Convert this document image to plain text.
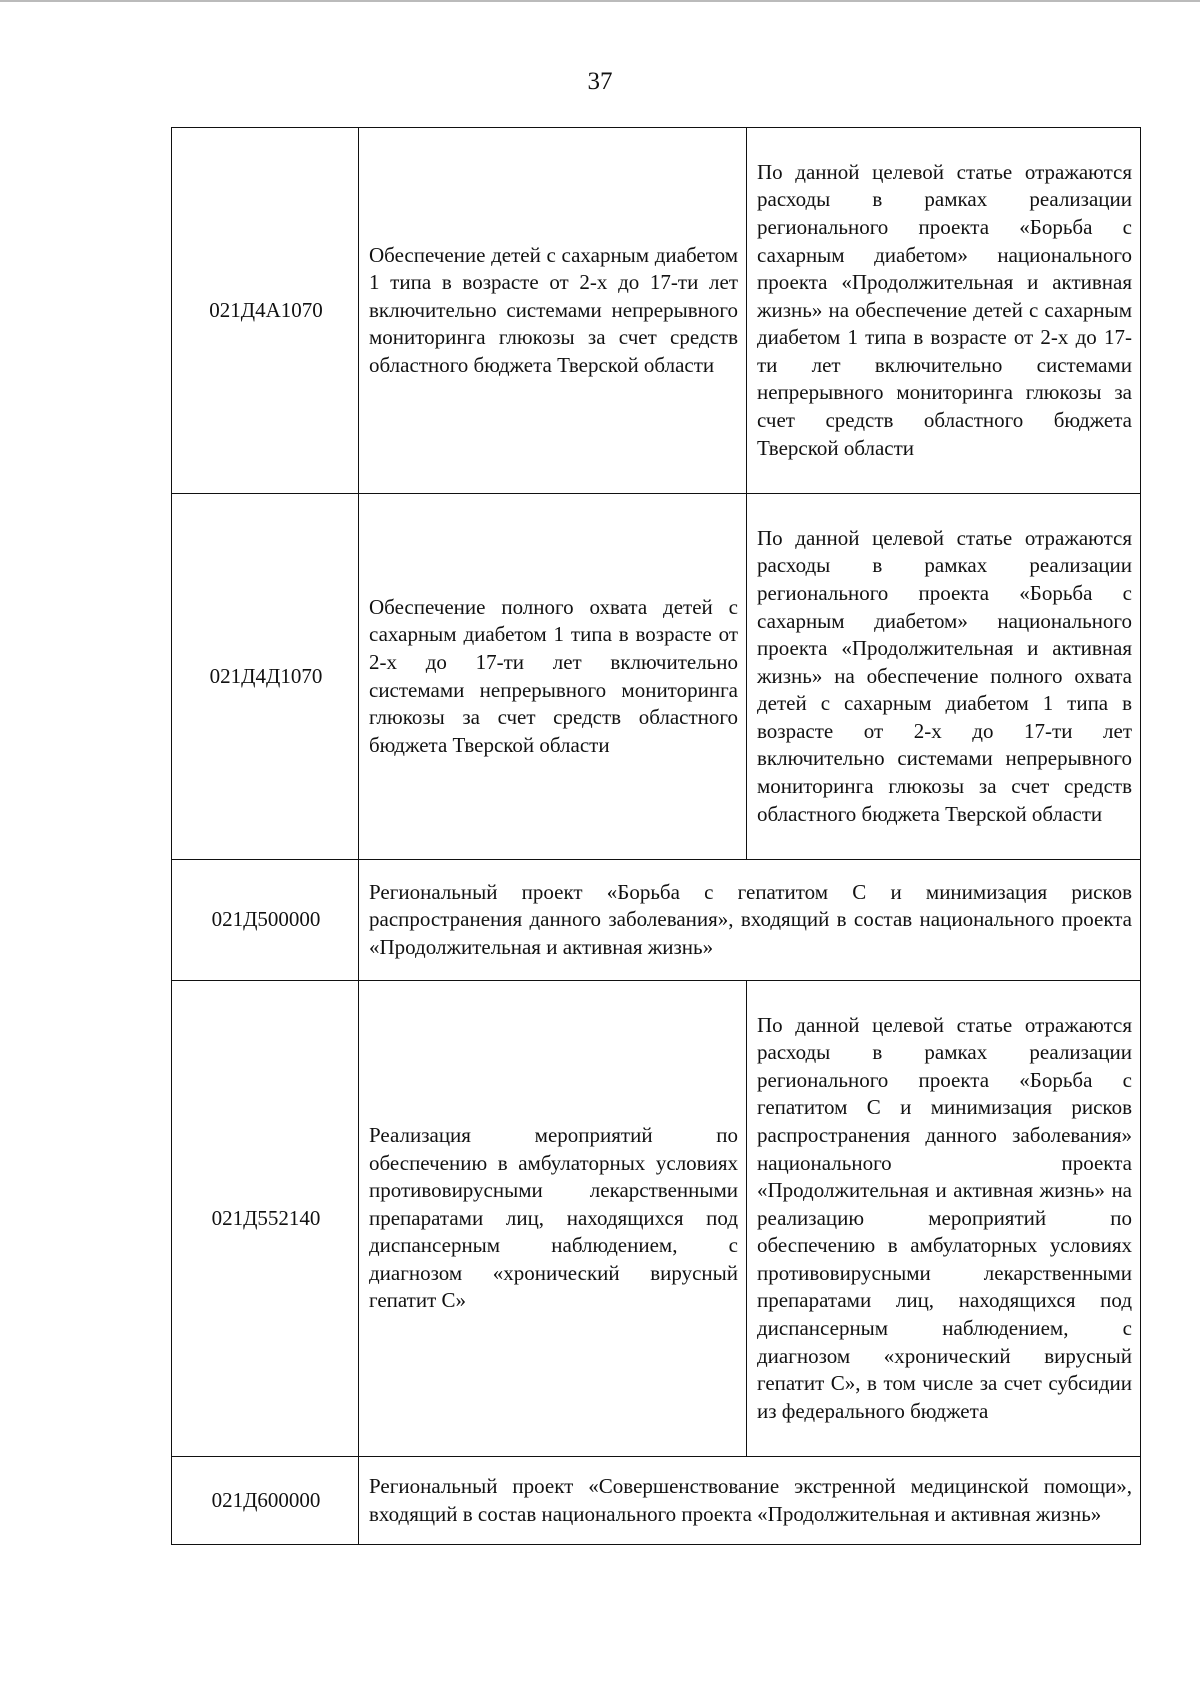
37
021Д4А1070	Обеспечение детей с сахарным диабетом 1 типа в возрасте от 2-х до 17-ти лет включительно системами непрерывного мониторинга глюкозы за счет средств областного бюджета Тверской области	По данной целевой статье отражаются расходы в рамках реализации регионального проекта «Борьба с сахарным диабетом» национального проекта «Продолжительная и активная жизнь» на обеспечение детей с сахарным диабетом 1 типа в возрасте от 2-х до 17-ти лет включительно системами непрерывного мониторинга глюкозы за счет средств областного бюджета Тверской области
021Д4Д1070	Обеспечение полного охвата детей с сахарным диабетом 1 типа в возрасте от 2-х до 17-ти лет включительно системами непрерывного мониторинга глюкозы за счет средств областного бюджета Тверской области	По данной целевой статье отражаются расходы в рамках реализации регионального проекта «Борьба с сахарным диабетом» национального проекта «Продолжительная и активная жизнь» на обеспечение полного охвата детей с сахарным диабетом 1 типа в возрасте от 2-х до 17-ти лет включительно системами непрерывного мониторинга глюкозы за счет средств областного бюджета Тверской области
021Д500000	Региональный проект «Борьба с гепатитом С и минимизация рисков распространения данного заболевания», входящий в состав национального проекта «Продолжительная и активная жизнь»	
021Д552140	Реализация мероприятий по обеспечению в амбулаторных условиях противовирусными лекарственными препаратами лиц, находящихся под диспансерным наблюдением, с диагнозом «хронический вирусный гепатит С»	По данной целевой статье отражаются расходы в рамках реализации регионального проекта «Борьба с гепатитом С и минимизация рисков распространения данного заболевания» национального проекта «Продолжительная и активная жизнь» на реализацию мероприятий по обеспечению в амбулаторных условиях противовирусными лекарственными препаратами лиц, находящихся под диспансерным наблюдением, с диагнозом «хронический вирусный гепатит С», в том числе за счет субсидии из федерального бюджета
021Д600000	Региональный проект «Совершенствование экстренной медицинской помощи», входящий в состав национального проекта «Продолжительная и активная жизнь»	
